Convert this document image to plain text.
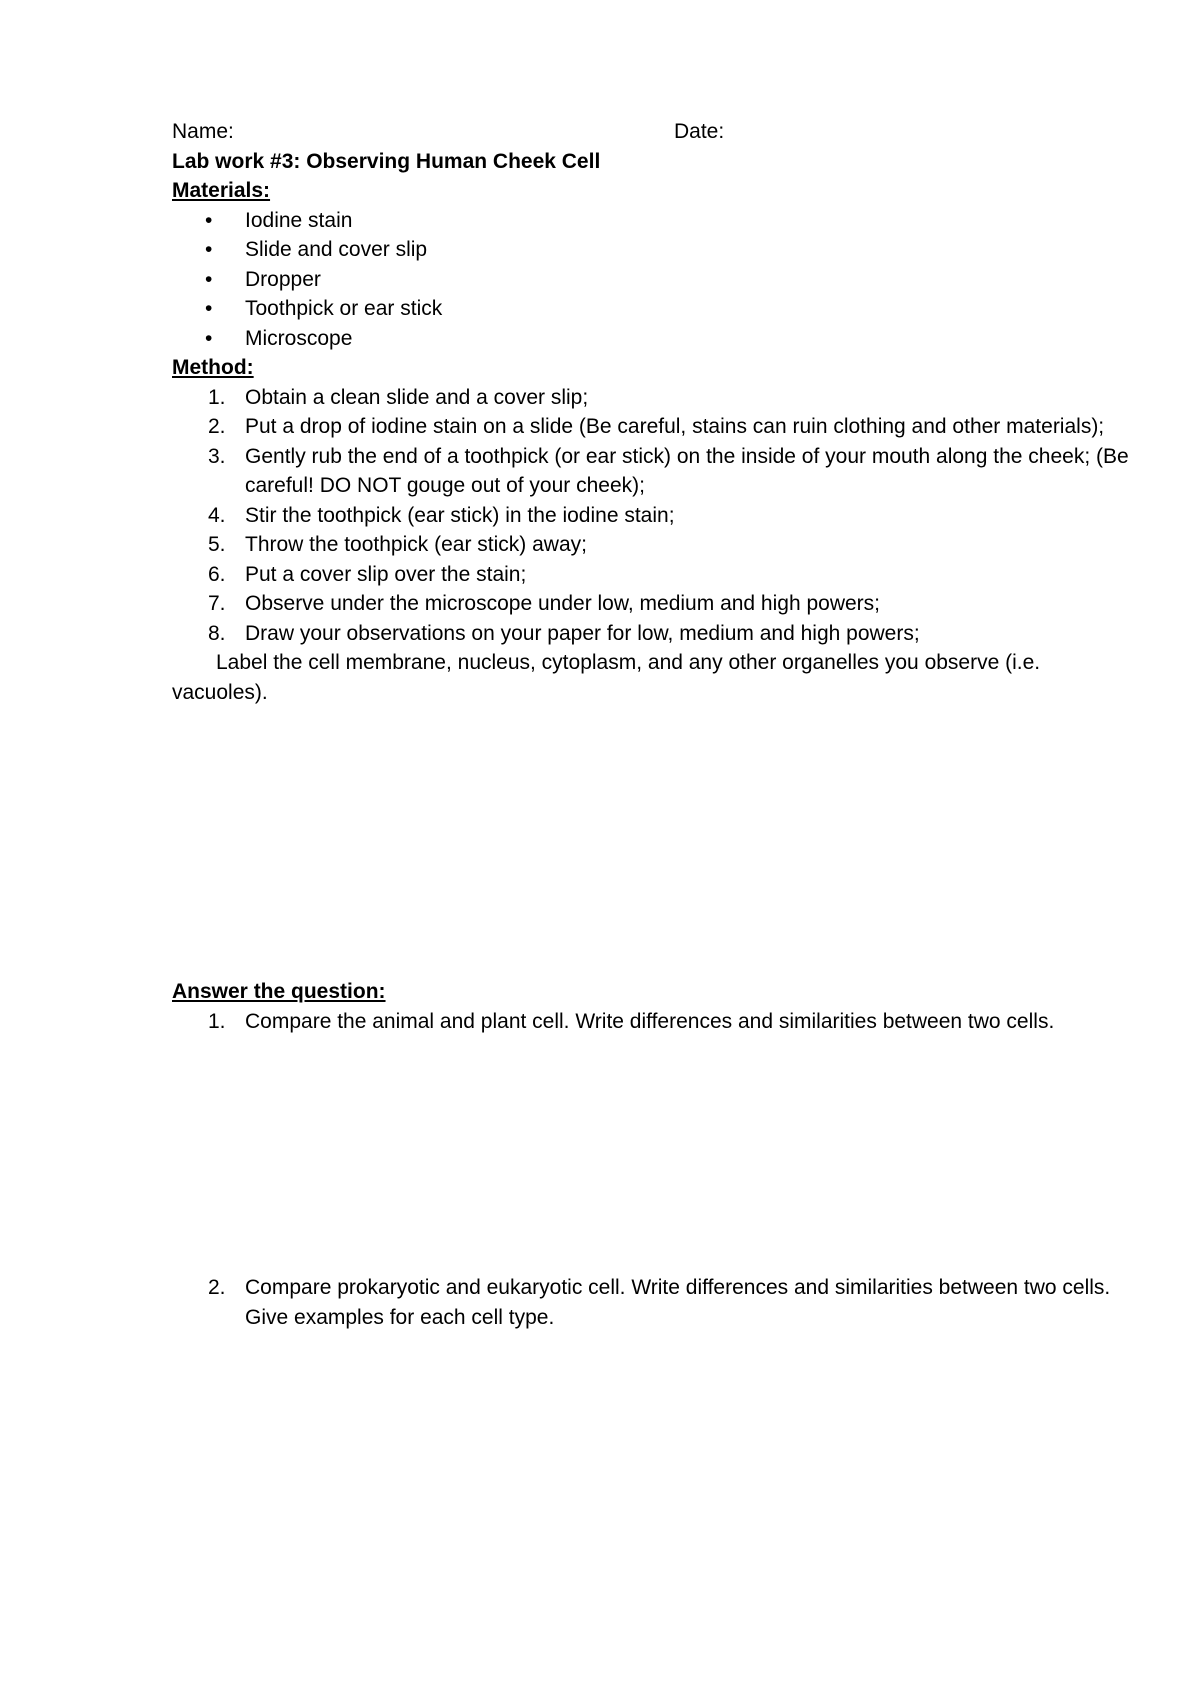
Name:	Date:
Lab work #3: Observing Human Cheek Cell
Materials:
• Iodine stain
• Slide and cover slip
• Dropper
• Toothpick or ear stick
• Microscope
Method:
1. Obtain a clean slide and a cover slip;
2. Put a drop of iodine stain on a slide (Be careful, stains can ruin clothing and other materials);
3. Gently rub the end of a toothpick (or ear stick) on the inside of your mouth along the cheek; (Be careful! DO NOT gouge out of your cheek);
4. Stir the toothpick (ear stick) in the iodine stain;
5. Throw the toothpick (ear stick) away;
6. Put a cover slip over the stain;
7. Observe under the microscope under low, medium and high powers;
8. Draw your observations on your paper for low, medium and high powers;

Label the cell membrane, nucleus, cytoplasm, and any other organelles you observe (i.e. vacuoles).

Answer the question:
1. Compare the animal and plant cell. Write differences and similarities between two cells.
2. Compare prokaryotic and eukaryotic cell. Write differences and similarities between two cells. Give examples for each cell type.
